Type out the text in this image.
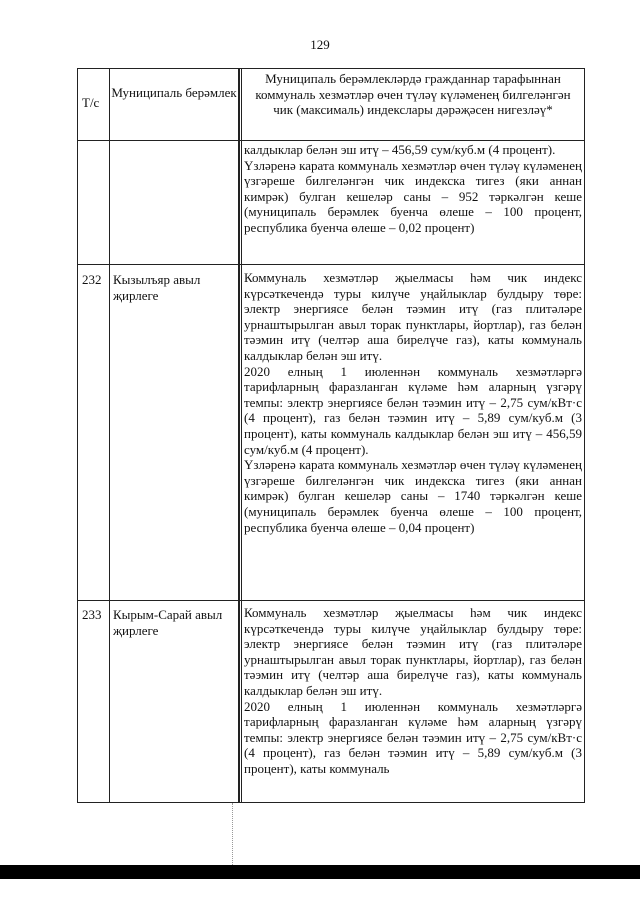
129
Т/с
Муниципаль берәмлек
Муниципаль берәмлекләрдә гражданнар тарафыннан коммуналь хезмәтләр өчен түләү күләменең билгеләнгән чик (максималь) индекслары дәрәҗәсен нигезләү*

калдыклар белән эш итү – 456,59 сум/куб.м (4 процент).

Үзләренә карата коммуналь хезмәтләр өчен түләү күләменең үзгәреше билгеләнгән чик индекска тигез (яки аннан кимрәк) булган кешеләр саны – 952 тәркәлгән кеше (муниципаль берәмлек буенча өлеше – 100 процент, республика буенча өлеше – 0,02 процент)

232 Кызылъяр авыл җирлеге

Коммуналь хезмәтләр җыелмасы һәм чик индекс күрсәткечендә туры килүче уңайлыклар булдыру төре: электр энергиясе белән тәэмин итү (газ плитәләре урнаштырылган авыл торак пунктлары, йортлар), газ белән тәэмин итү (челтәр аша бирелүче газ), каты коммуналь калдыклар белән эш итү.

2020 елның 1 июленнән коммуналь хезмәтләргә тарифларның фаразланган күләме һәм аларның үзгәрү темпы: электр энергиясе белән тәэмин итү – 2,75 сум/кВт·с (4 процент), газ белән тәэмин итү – 5,89 сум/куб.м (3 процент), каты коммуналь калдыклар белән эш итү – 456,59 сум/куб.м (4 процент).

Үзләренә карата коммуналь хезмәтләр өчен түләү күләменең үзгәреше билгеләнгән чик индекска тигез (яки аннан кимрәк) булган кешеләр саны – 1740 тәркәлгән кеше (муниципаль берәмлек буенча өлеше – 100 процент, республика буенча өлеше – 0,04 процент)

233 Кырым-Сарай авыл җирлеге

Коммуналь хезмәтләр җыелмасы һәм чик индекс күрсәткечендә туры килүче уңайлыклар булдыру төре: электр энергиясе белән тәэмин итү (газ плитәләре урнаштырылган авыл торак пунктлары, йортлар), газ белән тәэмин итү (челтәр аша бирелүче газ), каты коммуналь калдыклар белән эш итү.

2020 елның 1 июленнән коммуналь хезмәтләргә тарифларның фаразланган күләме һәм аларның үзгәрү темпы: электр энергиясе белән тәэмин итү – 2,75 сум/кВт·с (4 процент), газ белән тәэмин итү – 5,89 сум/куб.м (3 процент), каты коммуналь
